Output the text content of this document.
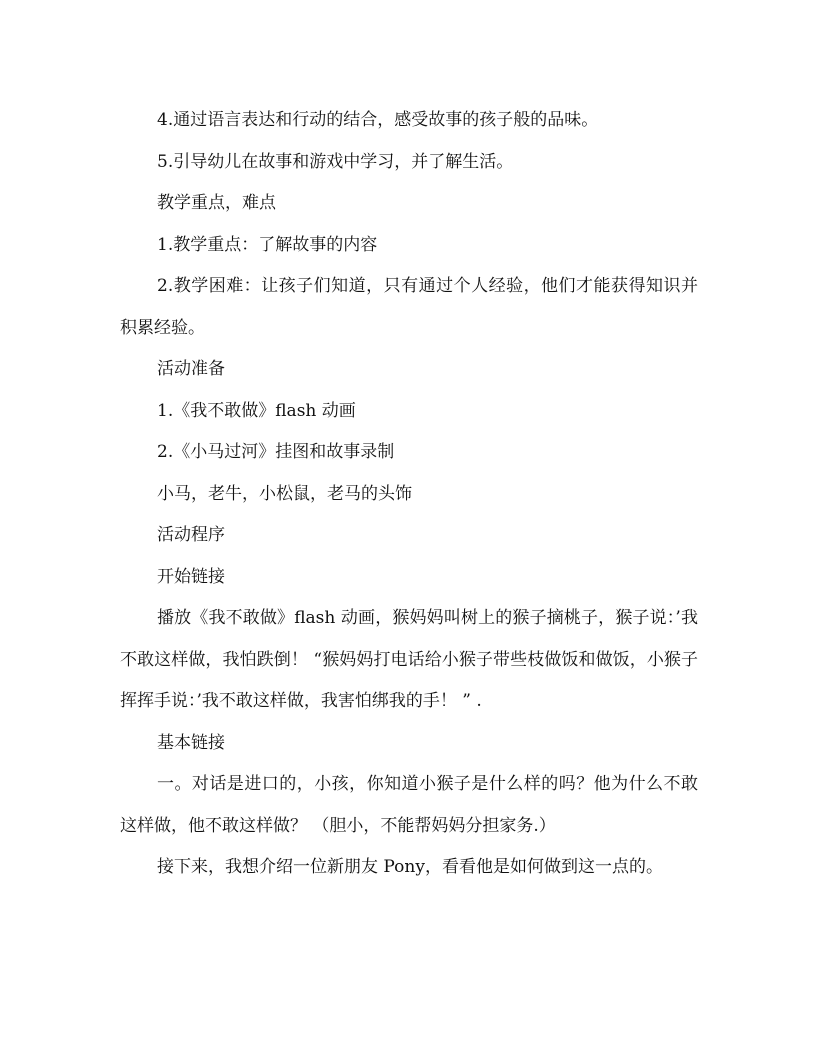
4.通过语言表达和行动的结合，感受故事的孩子般的品味。

5.引导幼儿在故事和游戏中学习，并了解生活。

教学重点，难点

1.教学重点：了解故事的内容

2.教学困难：让孩子们知道，只有通过个人经验，他们才能获得知识并积累经验。

活动准备

1.《我不敢做》flash 动画

2.《小马过河》挂图和故事录制

小马，老牛，小松鼠，老马的头饰

活动程序

开始链接

播放《我不敢做》flash 动画，猴妈妈叫树上的猴子摘桃子，猴子说：’我不敢这样做，我怕跌倒！ “猴妈妈打电话给小猴子带些枝做饭和做饭，小猴子挥挥手说：’我不敢这样做，我害怕绑我的手！ ” .

基本链接

一。对话是进口的，小孩，你知道小猴子是什么样的吗？他为什么不敢这样做，他不敢这样做？ （胆小，不能帮妈妈分担家务.）

接下来，我想介绍一位新朋友 Pony，看看他是如何做到这一点的。
